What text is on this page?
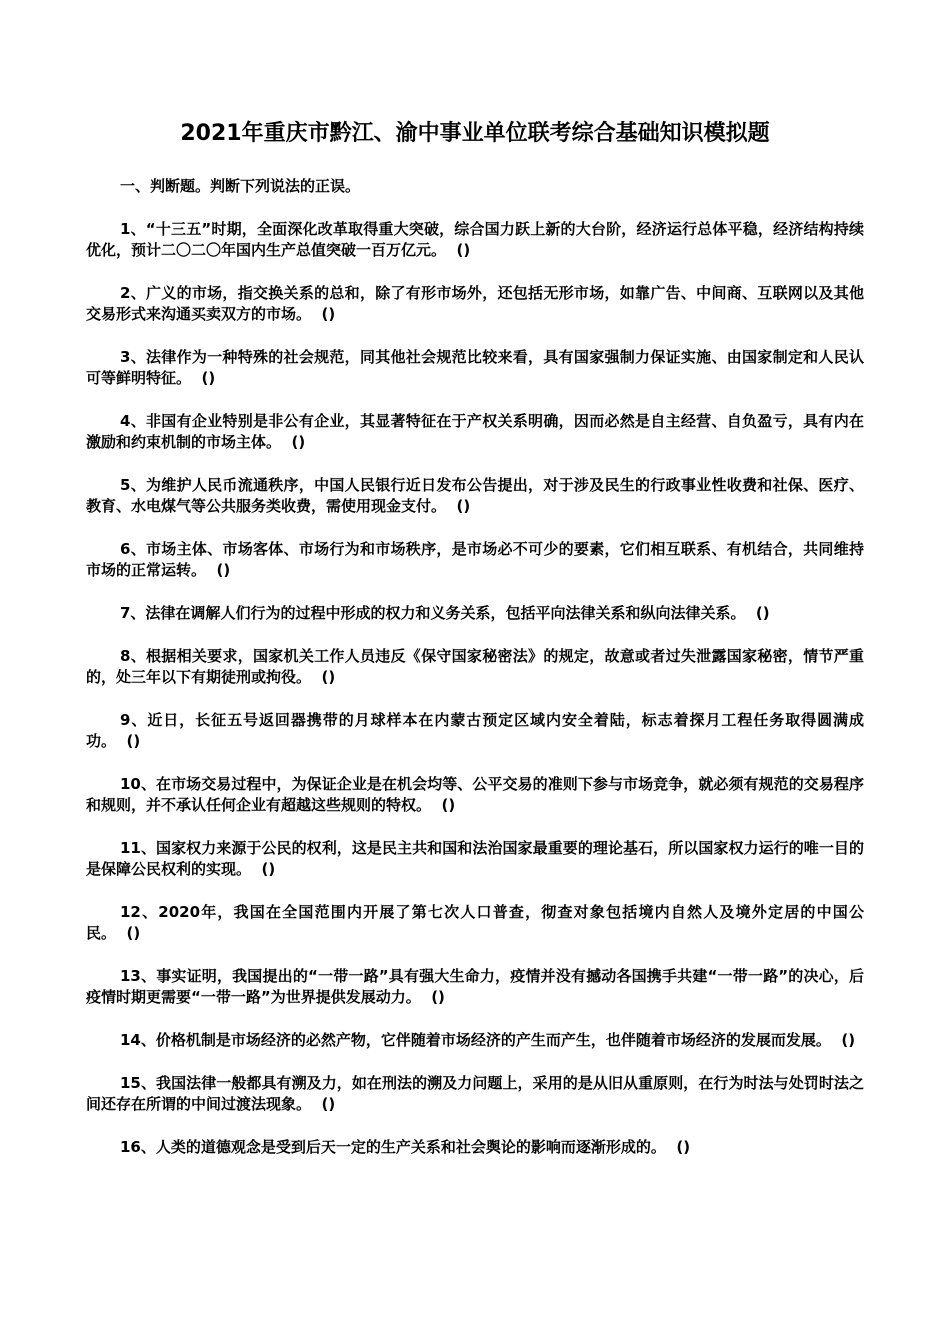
2021年重庆市黔江、渝中事业单位联考综合基础知识模拟题

一、判断题。判断下列说法的正误。

1、“十三五”时期，全面深化改革取得重大突破，综合国力跃上新的大台阶，经济运行总体平稳，经济结构持续优化，预计二〇二〇年国内生产总值突破一百万亿元。 ()
2、广义的市场，指交换关系的总和，除了有形市场外，还包括无形市场，如靠广告、中间商、互联网以及其他交易形式来沟通买卖双方的市场。 ()
3、法律作为一种特殊的社会规范，同其他社会规范比较来看，具有国家强制力保证实施、由国家制定和人民认可等鲜明特征。 ()
4、非国有企业特别是非公有企业，其显著特征在于产权关系明确，因而必然是自主经营、自负盈亏，具有内在激励和约束机制的市场主体。 ()
5、为维护人民币流通秩序，中国人民银行近日发布公告提出，对于涉及民生的行政事业性收费和社保、医疗、教育、水电煤气等公共服务类收费，需使用现金支付。 ()
6、市场主体、市场客体、市场行为和市场秩序，是市场必不可少的要素，它们相互联系、有机结合，共同维持市场的正常运转。 ()
7、法律在调解人们行为的过程中形成的权力和义务关系，包括平向法律关系和纵向法律关系。 ()
8、根据相关要求，国家机关工作人员违反《保守国家秘密法》的规定，故意或者过失泄露国家秘密，情节严重的，处三年以下有期徒刑或拘役。 ()
9、近日，长征五号返回器携带的月球样本在内蒙古预定区域内安全着陆，标志着探月工程任务取得圆满成功。 ()
10、在市场交易过程中，为保证企业是在机会均等、公平交易的准则下参与市场竞争，就必须有规范的交易程序和规则，并不承认任何企业有超越这些规则的特权。 ()
11、国家权力来源于公民的权利，这是民主共和国和法治国家最重要的理论基石，所以国家权力运行的唯一目的是保障公民权利的实现。 ()
12、2020年，我国在全国范围内开展了第七次人口普查，彻查对象包括境内自然人及境外定居的中国公民。 ()
13、事实证明，我国提出的“一带一路”具有强大生命力，疫情并没有撼动各国携手共建“一带一路”的决心，后疫情时期更需要“一带一路”为世界提供发展动力。 ()
14、价格机制是市场经济的必然产物，它伴随着市场经济的产生而产生，也伴随着市场经济的发展而发展。 ()
15、我国法律一般都具有溯及力，如在刑法的溯及力问题上，采用的是从旧从重原则，在行为时法与处罚时法之间还存在所谓的中间过渡法现象。 ()
16、人类的道德观念是受到后天一定的生产关系和社会舆论的影响而逐渐形成的。 ()
